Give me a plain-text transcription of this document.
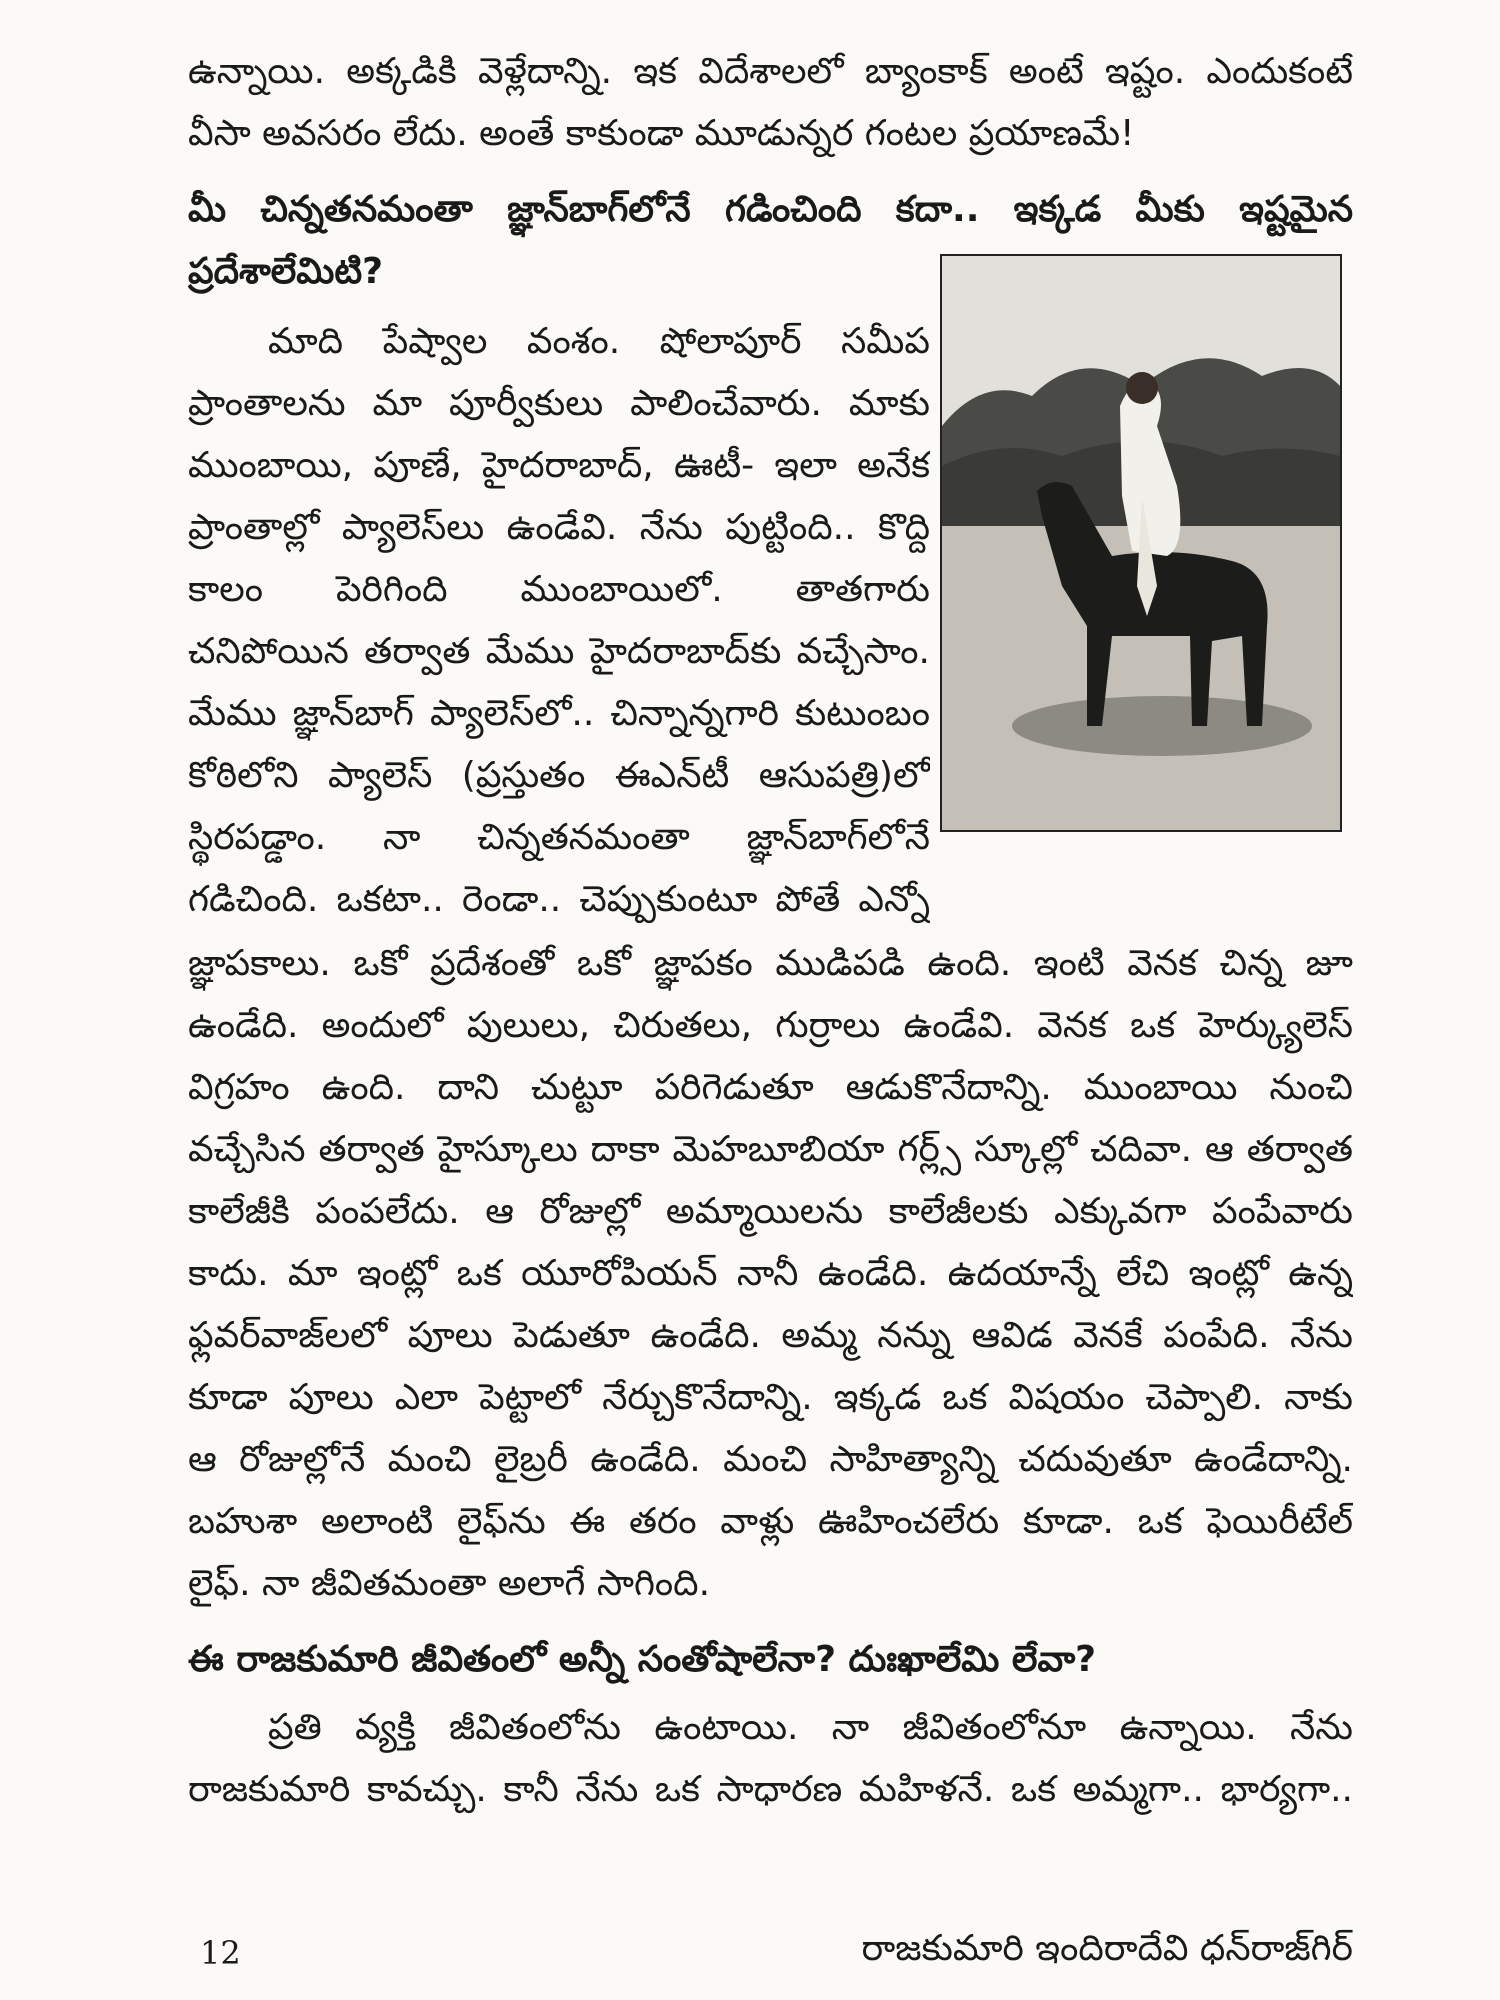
ఉన్నాయి. అక్కడికి వెళ్లేదాన్ని. ఇక విదేశాలలో బ్యాంకాక్ అంటే ఇష్టం. ఎందుకంటే
వీసా అవసరం లేదు. అంతే కాకుండా మూడున్నర గంటల ప్రయాణమే!
మీ చిన్నతనమంతా జ్ఞాన్‌బాగ్‌లోనే గడించింది కదా.. ఇక్కడ మీకు ఇష్టమైన
ప్రదేశాలేమిటి?
మాది పేష్వాల వంశం. షోలాపూర్ సమీప
ప్రాంతాలను మా పూర్వీకులు పాలించేవారు. మాకు
ముంబాయి, పూణే, హైదరాబాద్, ఊటీ- ఇలా అనేక
ప్రాంతాల్లో ప్యాలెస్‌లు ఉండేవి. నేను పుట్టింది.. కొద్ది
కాలం పెరిగింది ముంబాయిలో. తాతగారు
చనిపోయిన తర్వాత మేము హైదరాబాద్‌కు వచ్చేసాం.
మేము జ్ఞాన్‌బాగ్ ప్యాలెస్‌లో.. చిన్నాన్నగారి కుటుంబం
కోఠిలోని ప్యాలెస్ (ప్రస్తుతం ఈఎన్‌టీ ఆసుపత్రి)లో
స్థిరపడ్డాం. నా చిన్నతనమంతా జ్ఞాన్‌బాగ్‌లోనే
గడిచింది. ఒకటా.. రెండా.. చెప్పుకుంటూ పోతే ఎన్నో
జ్ఞాపకాలు. ఒకో ప్రదేశంతో ఒకో జ్ఞాపకం ముడిపడి ఉంది. ఇంటి వెనక చిన్న జూ
ఉండేది. అందులో పులులు, చిరుతలు, గుర్రాలు ఉండేవి. వెనక ఒక హెర్క్యులెస్
విగ్రహం ఉంది. దాని చుట్టూ పరిగెడుతూ ఆడుకొనేదాన్ని. ముంబాయి నుంచి
వచ్చేసిన తర్వాత హైస్కూలు దాకా మెహబూబియా గర్ల్స్ స్కూల్లో చదివా. ఆ తర్వాత
కాలేజీకి పంపలేదు. ఆ రోజుల్లో అమ్మాయిలను కాలేజీలకు ఎక్కువగా పంపేవారు
కాదు. మా ఇంట్లో ఒక యూరోపియన్ నానీ ఉండేది. ఉదయాన్నే లేచి ఇంట్లో ఉన్న
ఫ్లవర్‌వాజ్‌లలో పూలు పెడుతూ ఉండేది. అమ్మ నన్ను ఆవిడ వెనకే పంపేది. నేను
కూడా పూలు ఎలా పెట్టాలో నేర్చుకొనేదాన్ని. ఇక్కడ ఒక విషయం చెప్పాలి. నాకు
ఆ రోజుల్లోనే మంచి లైబ్రరీ ఉండేది. మంచి సాహిత్యాన్ని చదువుతూ ఉండేదాన్ని.
బహుశా అలాంటి లైఫ్‌ను ఈ తరం వాళ్లు ఊహించలేరు కూడా. ఒక ఫెయిరీటేల్
లైఫ్. నా జీవితమంతా అలాగే సాగింది.
ఈ రాజకుమారి జీవితంలో అన్నీ సంతోషాలేనా? దుఃఖాలేమి లేవా?
ప్రతి వ్యక్తి జీవితంలోను ఉంటాయి. నా జీవితంలోనూ ఉన్నాయి. నేను
రాజకుమారి కావచ్చు. కానీ నేను ఒక సాధారణ మహిళనే. ఒక అమ్మగా.. భార్యగా..
12	రాజకుమారి ఇందిరాదేవి ధన్‌రాజ్‌గిర్
